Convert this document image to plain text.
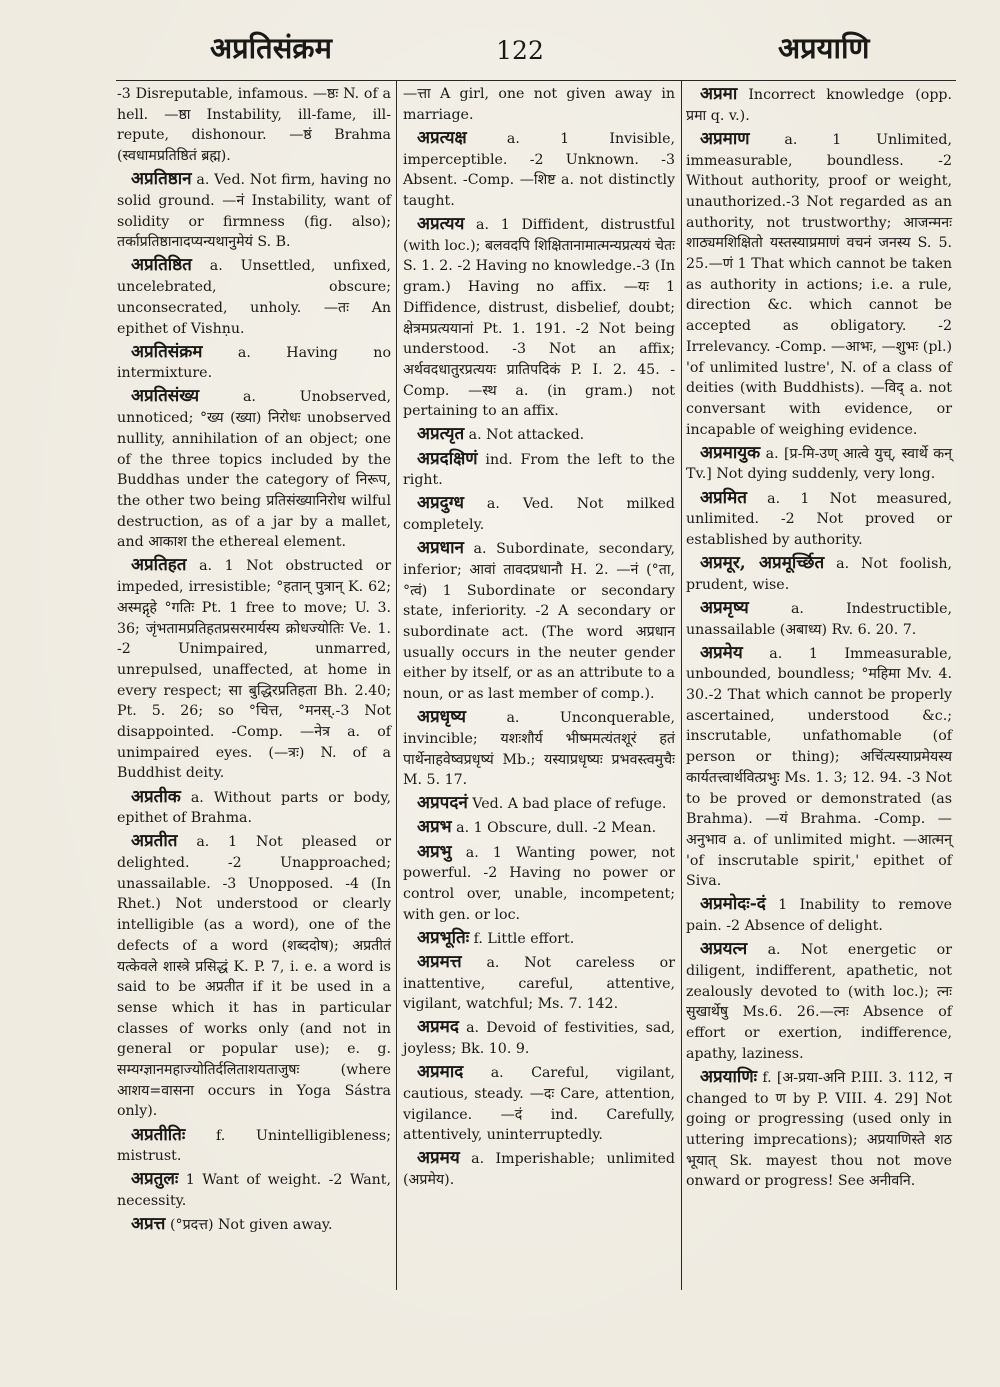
अप्रतिसंक्रम	122	अप्रयाणि

-3 Disreputable, infamous. —ष्ठः N. of a hell. —ष्ठा Instability, ill-fame, ill-repute, dishonour. —ष्ठं Brahma (स्वधामप्रतिष्ठितं ब्रह्म).

अप्रतिष्ठान a. Ved. Not firm, having no solid ground. —नं Instability, want of solidity or firmness (fig. also); तर्काप्रतिष्ठानादप्यन्यथानुमेयं S. B.

अप्रतिष्ठित a. Unsettled, unfixed, uncelebrated, obscure; unconsecrated, unholy. —तः An epithet of Vishṇu.

अप्रतिसंक्रम a. Having no intermixture.

अप्रतिसंख्य	a. Unobserved, unnoticed; °ख्य (ख्या) निरोधः unobserved nullity, annihilation of an object; one of the three topics included by the Buddhas under the category of निरूप, the other two being प्रतिसंख्यानिरोध wilful destruction, as of a jar by a mallet, and आकाश the ethereal element.

अप्रतिहत a. 1 Not obstructed or impeded, irresistible; °हतान् पुत्रान् K. 62; अस्मद्गृहे °गतिः Pt. 1 free to move; U. 3. 36; जृंभतामप्रतिहतप्रसरमार्यस्य क्रोधज्योतिः Ve. 1. -2 Unimpaired, unmarred, unrepulsed, unaffected, at home in every respect; सा बुद्धिरप्रतिहता Bh. 2.40; Pt. 5. 26; so °चित्त, °मनस्.-3 Not disappointed. -Comp. —नेत्र a. of unimpaired eyes. (—त्रः) N. of a Buddhist deity.

अप्रतीक a. Without parts or body, epithet of Brahma.

अप्रतीत a. 1 Not pleased or delighted. -2 Unapproached; unassailable. -3 Unopposed. -4 (In Rhet.) Not understood or clearly intelligible (as a word), one of the defects of a word (शब्ददोष); अप्रतीतं यत्केवले शास्त्रे प्रसिद्धं K. P. 7, i. e. a word is said to be अप्रतीत if it be used in a sense which it has in particular classes of works only (and not in general or popular use); e. g. सम्यग्ज्ञानमहाज्योतिर्दलिताशयताजुषः (where आशय=वासना occurs in Yoga Sástra only).

अप्रतीतिः f. Unintelligibleness; mistrust.

अप्रतुलः 1 Want of weight. -2 Want, necessity.

अप्रत्त (°प्रदत्त) Not given away.

—त्ता A girl, one not given away in marriage.

अप्रत्यक्ष	a. 1 Invisible, imperceptible. -2 Unknown. -3 Absent. -Comp. —शिष्ट a. not distinctly taught.

अप्रत्यय a. 1 Diffident, distrustful (with loc.); बलवदपि शिक्षितानामात्मन्यप्रत्ययं चेतः S. 1. 2. -2 Having no knowledge.-3 (In gram.) Having no affix. —यः 1 Diffidence, distrust, disbelief, doubt; क्षेत्रमप्रत्ययानां Pt. 1. 191. -2 Not being understood. -3 Not an affix; अर्थवदधातुरप्रत्ययः प्रातिपदिकं P. I. 2. 45. -Comp. —स्थ a. (in gram.) not pertaining to an affix.

अप्रत्यृत a. Not attacked.

अप्रदक्षिणं ind. From the left to the right.

अप्रदुग्ध a. Ved. Not milked completely.

अप्रधान a. Subordinate, secondary, inferior; आवां तावदप्रधानौ H. 2. —नं (°ता, °त्वं) 1 Subordinate or secondary state, inferiority. -2 A secondary or subordinate act. (The word अप्रधान usually occurs in the neuter gender either by itself, or as an attribute to a noun, or as last member of comp.).

अप्रधृष्य	a. Unconquerable, invincible; यशःशौर्य भीष्ममत्यंतशूरं हतं पार्थेनाहवेष्वप्रधृष्यं Mb.; यस्याप्रधृष्यः प्रभवस्त्वमुचैः M. 5. 17.

अप्रपदनं Ved. A bad place of refuge.

अप्रभ a. 1 Obscure, dull. -2 Mean.

अप्रभु a. 1 Wanting power, not powerful. -2 Having no power or control over, unable, incompetent; with gen. or loc.

अप्रभूतिः f. Little effort.

अप्रमत्त a. Not careless or inattentive, careful, attentive, vigilant, watchful; Ms. 7. 142.

अप्रमद a. Devoid of festivities, sad, joyless; Bk. 10. 9.

अप्रमाद a. Careful, vigilant, cautious, steady. —दः Care, attention, vigilance. —दं ind. Carefully, attentively, uninterruptedly.

अप्रमय a. Imperishable; unlimited (अप्रमेय).

अप्रमा Incorrect knowledge (opp. प्रमा q. v.).

अप्रमाण a. 1 Unlimited, immeasurable, boundless. -2 Without authority, proof or weight, unauthorized.-3 Not regarded as an authority, not trustworthy; आजन्मनः शाठ्यमशिक्षितो यस्तस्याप्रमाणं वचनं जनस्य S. 5. 25.—णं 1 That which cannot be taken as authority in actions; i.e. a rule, direction &c. which cannot be accepted as obligatory. -2 Irrelevancy. -Comp. —आभः, —शुभः (pl.) 'of unlimited lustre', N. of a class of deities (with Buddhists). —विद् a. not conversant with evidence, or incapable of weighing evidence.

अप्रमायुक a. [प्र-मि-उण् आत्वे युच्, स्वार्थे कन् Tv.] Not dying suddenly, very long.

अप्रमित a. 1 Not measured, unlimited. -2 Not proved or established by authority.

अप्रमूर, अप्रमूर्च्छित a. Not foolish, prudent, wise.

अप्रमृष्य	a. Indestructible, unassailable (अबाध्य) Rv. 6. 20. 7.

अप्रमेय a. 1 Immeasurable, unbounded, boundless; °महिमा Mv. 4. 30.-2 That which cannot be properly ascertained, understood &c.; inscrutable, unfathomable (of person or thing); अचिंत्यस्याप्रमेयस्य कार्यतत्त्वार्थवित्प्रभुः Ms. 1. 3; 12. 94. -3 Not to be proved or demonstrated (as Brahma). —यं Brahma. -Comp. —अनुभाव a. of unlimited might. —आत्मन् 'of inscrutable spirit,' epithet of Siva.

अप्रमोदः-दं 1 Inability to remove pain. -2 Absence of delight.

अप्रयत्न a. Not energetic or diligent, indifferent, apathetic, not zealously devoted to (with loc.); त्नः सुखार्थेषु Ms.6. 26.—त्नः Absence of effort or exertion, indifference, apathy, laziness.

अप्रयाणिः f. [अ-प्रया-अनि P.III. 3. 112, न changed to ण by P. VIII. 4. 29] Not going or progressing (used only in uttering imprecations); अप्रयाणिस्ते शठ भूयात् Sk. mayest thou not move onward or progress! See अनीवनि.
